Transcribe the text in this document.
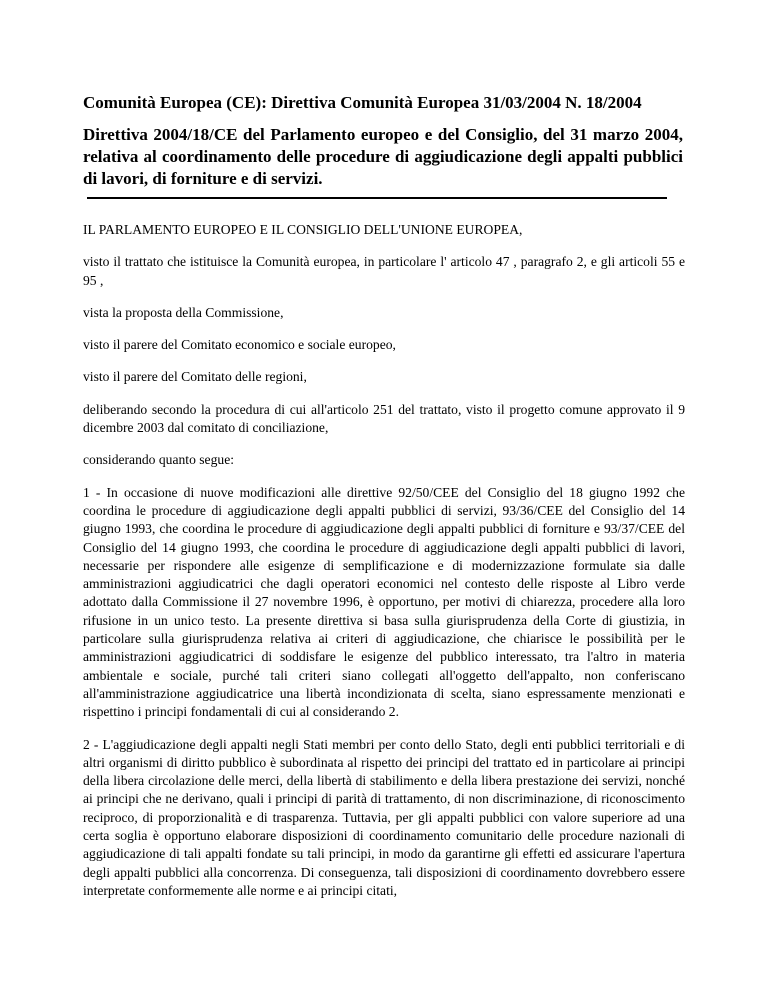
Comunità Europea (CE): Direttiva Comunità Europea 31/03/2004 N. 18/2004
Direttiva 2004/18/CE del Parlamento europeo e del Consiglio, del 31 marzo 2004, relativa al coordinamento delle procedure di aggiudicazione degli appalti pubblici di lavori, di forniture e di servizi.

IL PARLAMENTO EUROPEO E IL CONSIGLIO DELL'UNIONE EUROPEA,

visto il trattato che istituisce la Comunità europea, in particolare l' articolo 47 , paragrafo 2, e gli articoli 55 e 95 ,

vista la proposta della Commissione,

visto il parere del Comitato economico e sociale europeo,

visto il parere del Comitato delle regioni,

deliberando secondo la procedura di cui all'articolo 251 del trattato, visto il progetto comune approvato il 9 dicembre 2003 dal comitato di conciliazione,

considerando quanto segue:

1 - In occasione di nuove modificazioni alle direttive 92/50/CEE del Consiglio del 18 giugno 1992 che coordina le procedure di aggiudicazione degli appalti pubblici di servizi, 93/36/CEE del Consiglio del 14 giugno 1993, che coordina le procedure di aggiudicazione degli appalti pubblici di forniture e 93/37/CEE del Consiglio del 14 giugno 1993, che coordina le procedure di aggiudicazione degli appalti pubblici di lavori, necessarie per rispondere alle esigenze di semplificazione e di modernizzazione formulate sia dalle amministrazioni aggiudicatrici che dagli operatori economici nel contesto delle risposte al Libro verde adottato dalla Commissione il 27 novembre 1996, è opportuno, per motivi di chiarezza, procedere alla loro rifusione in un unico testo. La presente direttiva si basa sulla giurisprudenza della Corte di giustizia, in particolare sulla giurisprudenza relativa ai criteri di aggiudicazione, che chiarisce le possibilità per le amministrazioni aggiudicatrici di soddisfare le esigenze del pubblico interessato, tra l'altro in materia ambientale e sociale, purché tali criteri siano collegati all'oggetto dell'appalto, non conferiscano all'amministrazione aggiudicatrice una libertà incondizionata di scelta, siano espressamente menzionati e rispettino i principi fondamentali di cui al considerando 2.

2 - L'aggiudicazione degli appalti negli Stati membri per conto dello Stato, degli enti pubblici territoriali e di altri organismi di diritto pubblico è subordinata al rispetto dei principi del trattato ed in particolare ai principi della libera circolazione delle merci, della libertà di stabilimento e della libera prestazione dei servizi, nonché ai principi che ne derivano, quali i principi di parità di trattamento, di non discriminazione, di riconoscimento reciproco, di proporzionalità e di trasparenza. Tuttavia, per gli appalti pubblici con valore superiore ad una certa soglia è opportuno elaborare disposizioni di coordinamento comunitario delle procedure nazionali di aggiudicazione di tali appalti fondate su tali principi, in modo da garantirne gli effetti ed assicurare l'apertura degli appalti pubblici alla concorrenza. Di conseguenza, tali disposizioni di coordinamento dovrebbero essere interpretate conformemente alle norme e ai principi citati,
